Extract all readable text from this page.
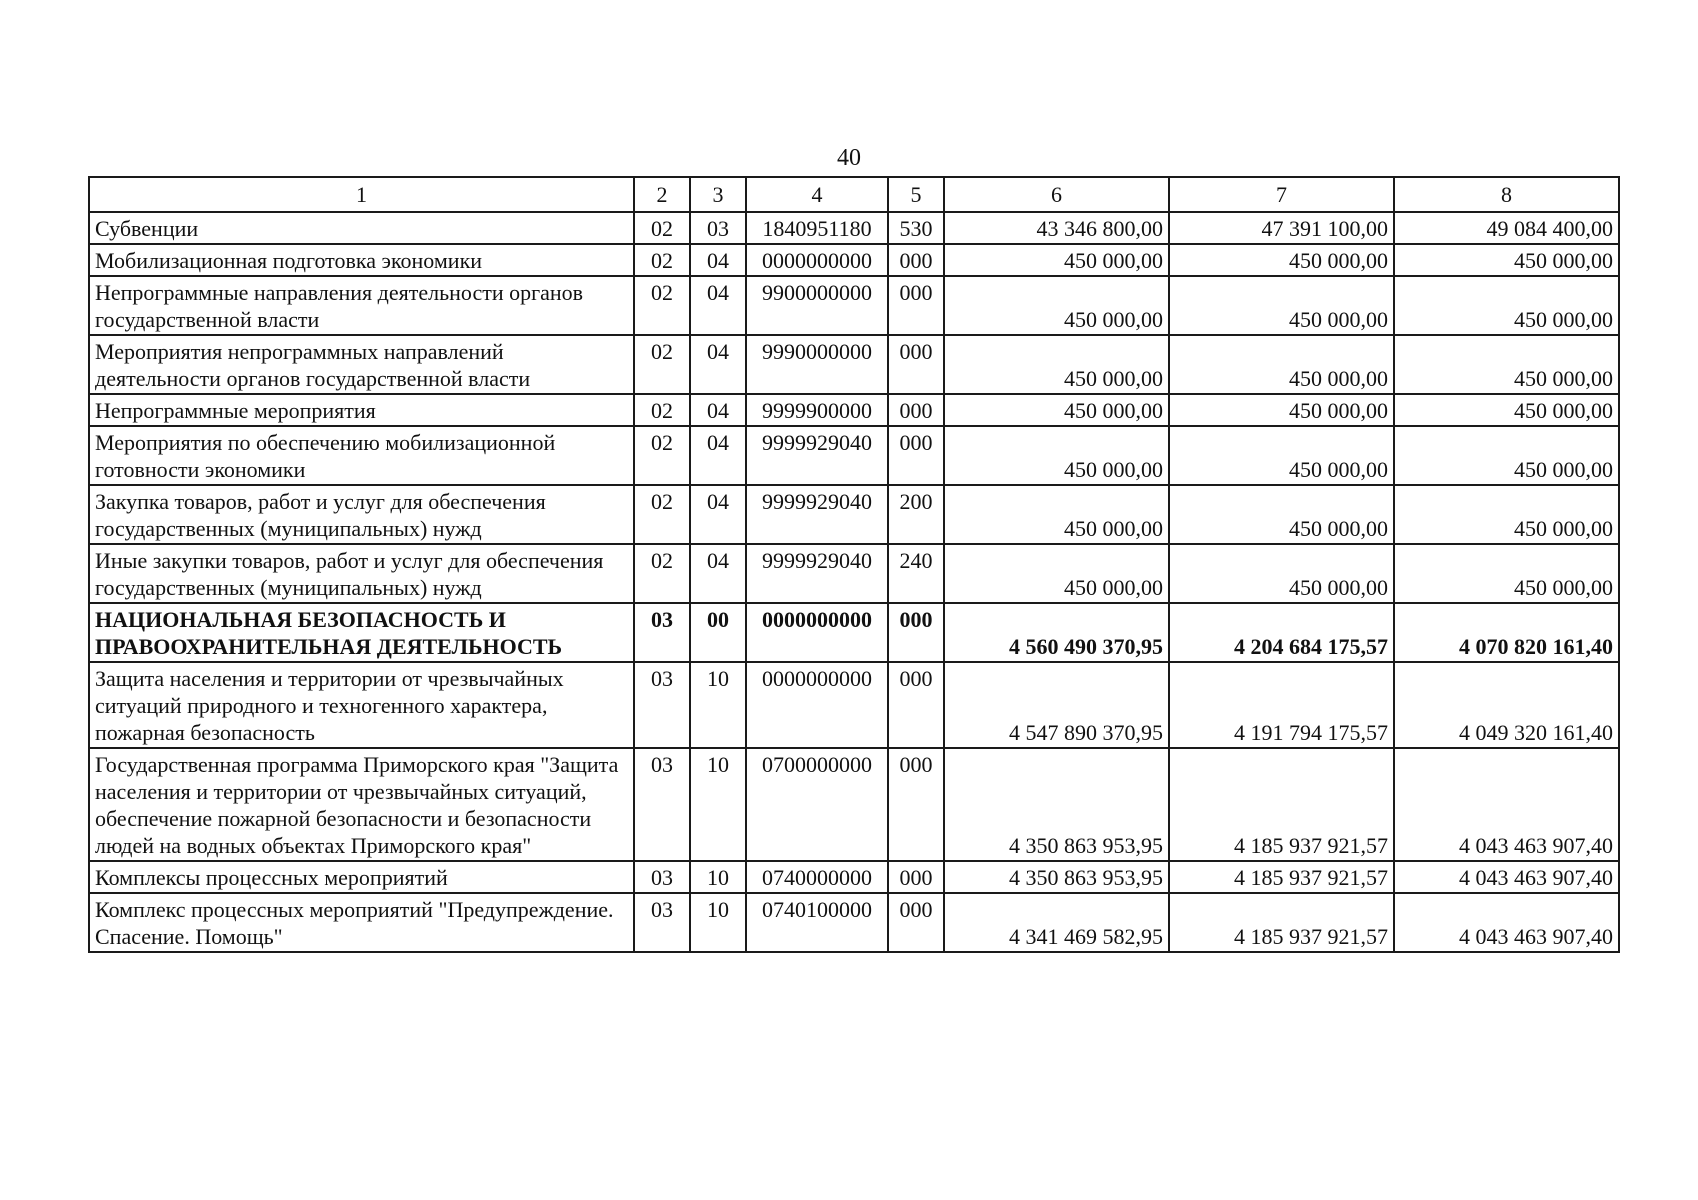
40
1	2	3	4	5	6	7	8
Субвенции	02	03	1840951180	530	43 346 800,00	47 391 100,00	49 084 400,00
Мобилизационная подготовка экономики	02	04	0000000000	000	450 000,00	450 000,00	450 000,00
Непрограммные направления деятельности органов государственной власти	02	04	9900000000	000	450 000,00	450 000,00	450 000,00
Мероприятия непрограммных направлений деятельности органов государственной власти	02	04	9990000000	000	450 000,00	450 000,00	450 000,00
Непрограммные мероприятия	02	04	9999900000	000	450 000,00	450 000,00	450 000,00
Мероприятия по обеспечению мобилизационной готовности экономики	02	04	9999929040	000	450 000,00	450 000,00	450 000,00
Закупка товаров, работ и услуг для обеспечения государственных (муниципальных) нужд	02	04	9999929040	200	450 000,00	450 000,00	450 000,00
Иные закупки товаров, работ и услуг для обеспечения государственных (муниципальных) нужд	02	04	9999929040	240	450 000,00	450 000,00	450 000,00
НАЦИОНАЛЬНАЯ БЕЗОПАСНОСТЬ И ПРАВООХРАНИТЕЛЬНАЯ ДЕЯТЕЛЬНОСТЬ	03	00	0000000000	000	4 560 490 370,95	4 204 684 175,57	4 070 820 161,40
Защита населения и территории от чрезвычайных ситуаций природного и техногенного характера, пожарная безопасность	03	10	0000000000	000	4 547 890 370,95	4 191 794 175,57	4 049 320 161,40
Государственная программа Приморского края "Защита населения и территории от чрезвычайных ситуаций, обеспечение пожарной безопасности и безопасности людей на водных объектах Приморского края"	03	10	0700000000	000	4 350 863 953,95	4 185 937 921,57	4 043 463 907,40
Комплексы процессных мероприятий	03	10	0740000000	000	4 350 863 953,95	4 185 937 921,57	4 043 463 907,40
Комплекс процессных мероприятий "Предупреждение. Спасение. Помощь"	03	10	0740100000	000	4 341 469 582,95	4 185 937 921,57	4 043 463 907,40
